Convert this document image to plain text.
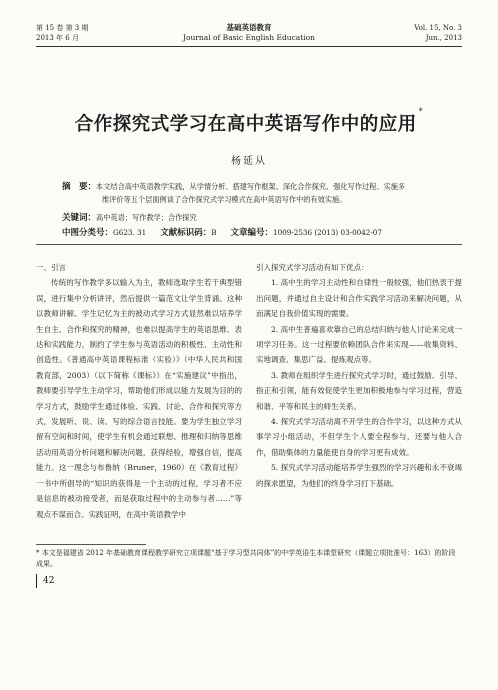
第 15 卷 第 3 期
2013 年 6 月
基础英语教育
Journal of Basic English Education
Vol. 15, No. 3
Jun., 2013
合作探究式学习在高中英语写作中的应用*
杨延从
摘　要：本文结合高中英语教学实践，从学情分析、搭建写作框架、深化合作探究、强化写作过程、实施多
维评价等五个层面例谈了合作探究式学习模式在高中英语写作中的有效实施。
关键词：高中英语；写作教学；合作探究
中图分类号：G623. 31 文献标识码：B 文章编号：1009-2536 (2013) 03-0042-07

一、引言

传统的写作教学多以输入为主，教师选取学生若干典型错误，进行集中分析讲评，然后提供一篇范文让学生背诵。这种以教师讲解、学生记忆为主的被动式学习方式显然难以培养学生自主、合作和探究的精神，也难以提高学生的英语思维、表达和实践能力，制约了学生参与英语活动的积极性、主动性和创造性。《普通高中英语课程标准（实验）》（中华人民共和国教育部，2003）（以下简称《课标》）在“实施建议”中指出，教师要引导学生主动学习，帮助他们形成以能力发展为目的的学习方式，鼓励学生通过体验、实践、讨论、合作和探究等方式，发展听、说、读、写的综合语言技能。要为学生独立学习留有空间和时间，使学生有机会通过联想、推理和归纳等思维活动用英语分析问题和解决问题，获得经验，增强自信，提高能力。这一理念与布鲁纳（Bruner，1960）在《教育过程》一书中所倡导的“知识的获得是一个主动的过程，学习者不应是信息的被动接受者，而是获取过程中的主动参与者……”等观点不谋而合。实践证明，在高中英语教学中

引入探究式学习活动有如下优点：

1. 高中生的学习主动性和自律性一般较强，他们热衷于提出问题，并通过自主设计和合作实践学习活动来解决问题，从而满足自我价值实现的需要。

2. 高中生普遍喜欢靠自己的总结归纳与他人讨论来完成一项学习任务。这一过程要依赖团队合作来实现——收集资料、实地调查、集思广益、提炼观点等。

3. 教师在组织学生进行探究式学习时，通过鼓励、引导、指正和引领，能有效促使学生更加积极地参与学习过程，营造和谐、平等和民主的师生关系。

4. 探究式学习活动离不开学生的合作学习，以这种方式从事学习小组活动，不但学生个人要全程参与，还要与他人合作，借助集体的力量能使自身的学习更有成效。

5. 探究式学习活动能培养学生强烈的学习兴趣和永不衰竭的探求愿望，为他们的终身学习打下基础。

* 本文是福建省 2012 年基础教育课程教学研究立项课题“基于学习型共同体”的中学英语生本课堂研究（课题立项批准号：163）的阶段成果。
42
